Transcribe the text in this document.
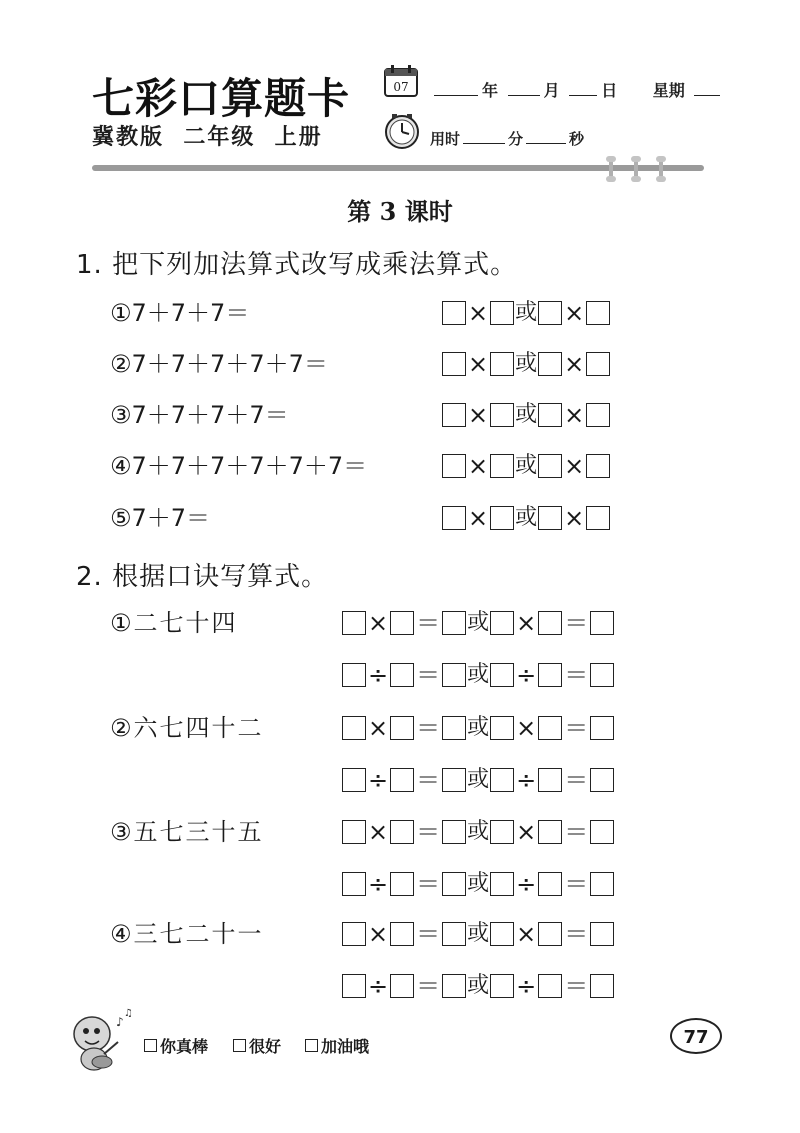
七彩口算题卡
冀教版  二年级  上册
07	年	月	日 星期
用时	分	秒
第 3 课时
1. 把下列加法算式改写成乘法算式。
①7＋7＋7＝	× 或 ×
②7＋7＋7＋7＋7＝	× 或 ×
③7＋7＋7＋7＝	× 或 ×
④7＋7＋7＋7＋7＋7＝	× 或 ×
⑤7＋7＝	× 或 ×
2. 根据口诀写算式。
①二七十四	× ＝ 或 × ＝
÷ ＝ 或 ÷ ＝
②六七四十二	× ＝ 或 × ＝
÷ ＝ 或 ÷ ＝
③五七三十五	× ＝ 或 × ＝
÷ ＝ 或 ÷ ＝
④三七二十一	× ＝ 或 × ＝
÷ ＝ 或 ÷ ＝
♪
♫
你真棒	很好 加油哦	77
